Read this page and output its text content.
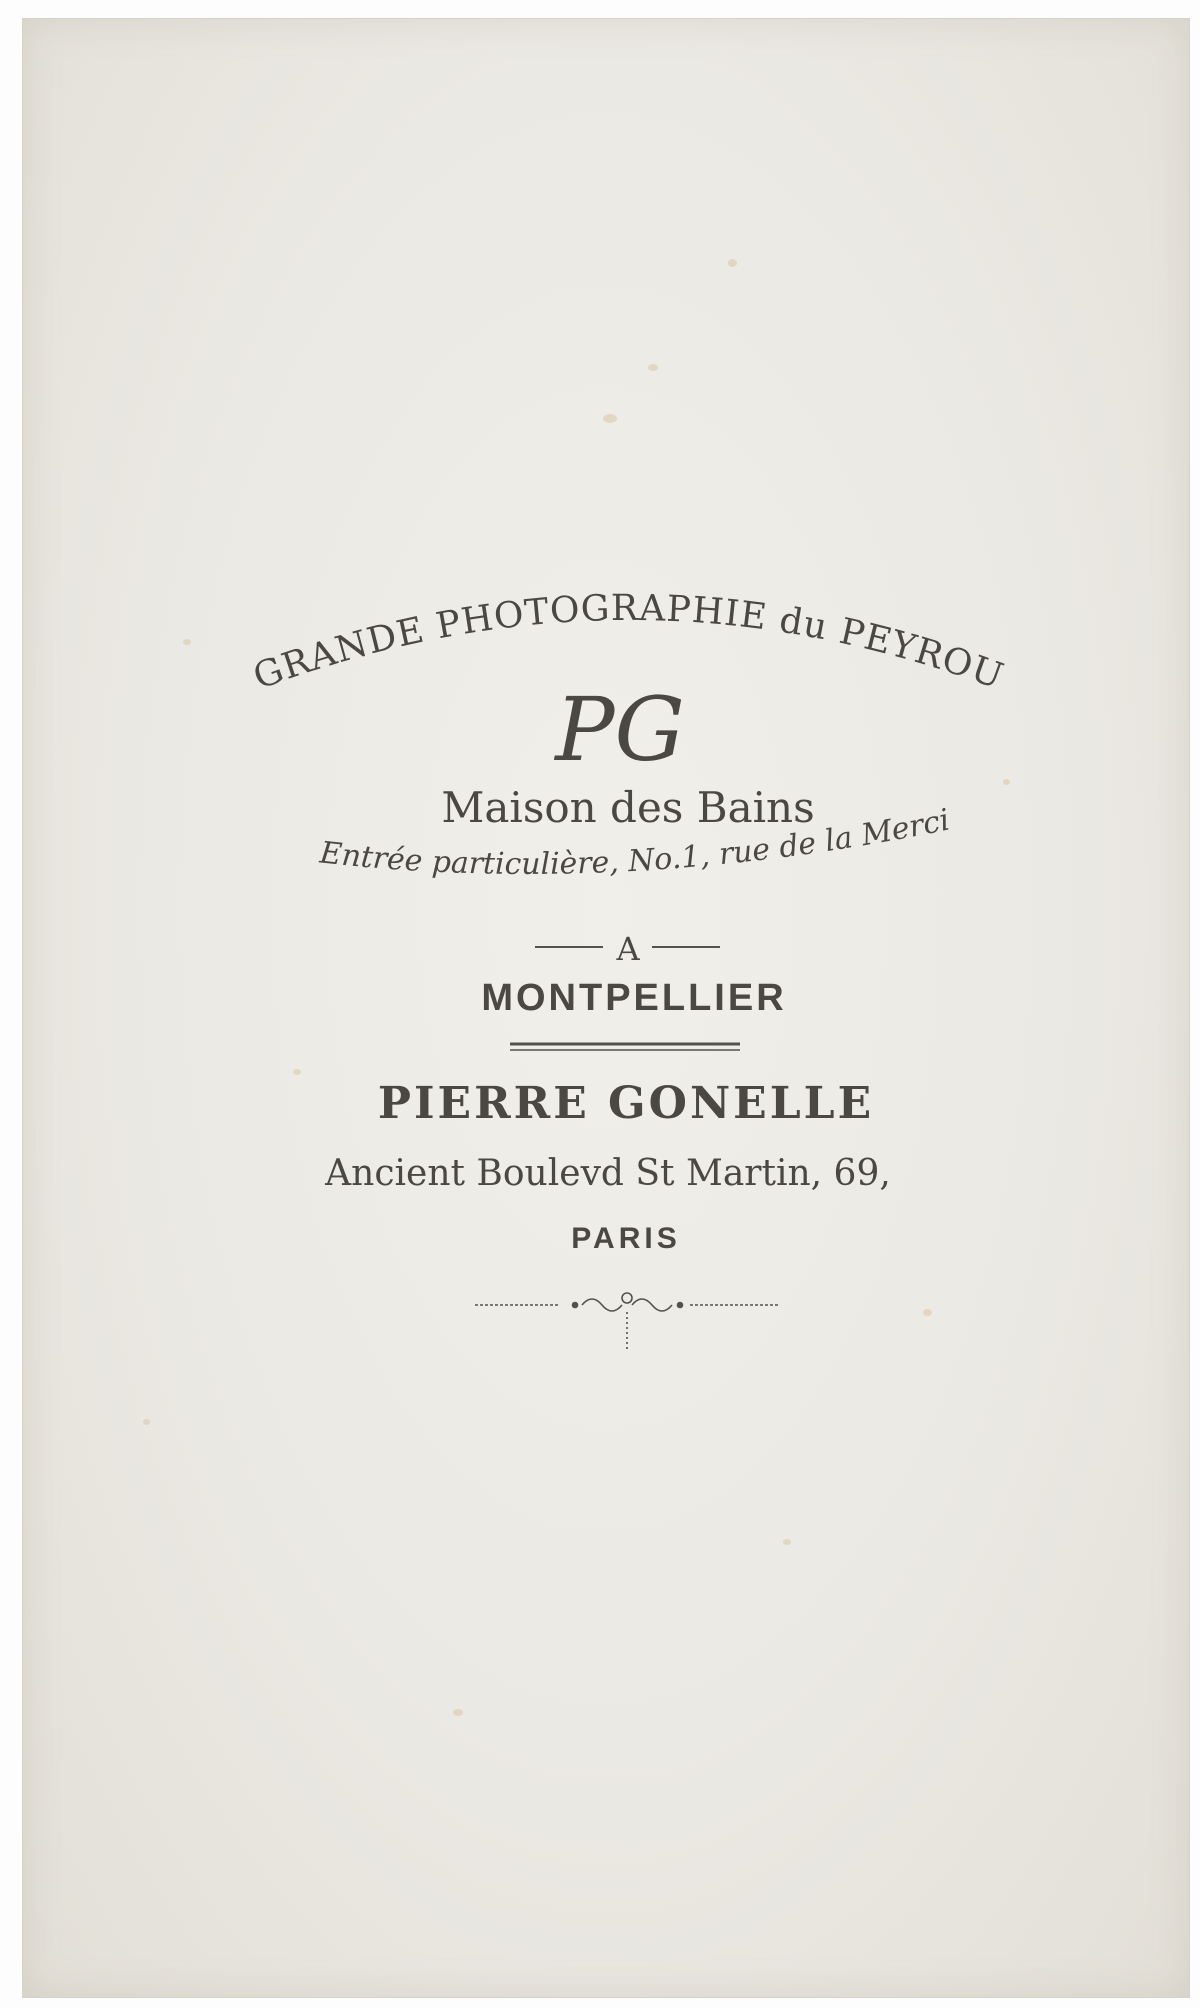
GRANDE PHOTOGRAPHIE du PEYROU
PG
Maison des Bains
Entrée particulière, No.1, rue de la Merci
A
MONTPELLIER
PIERRE GONELLE
Ancient Boulevd St Martin, 69,
PARIS
